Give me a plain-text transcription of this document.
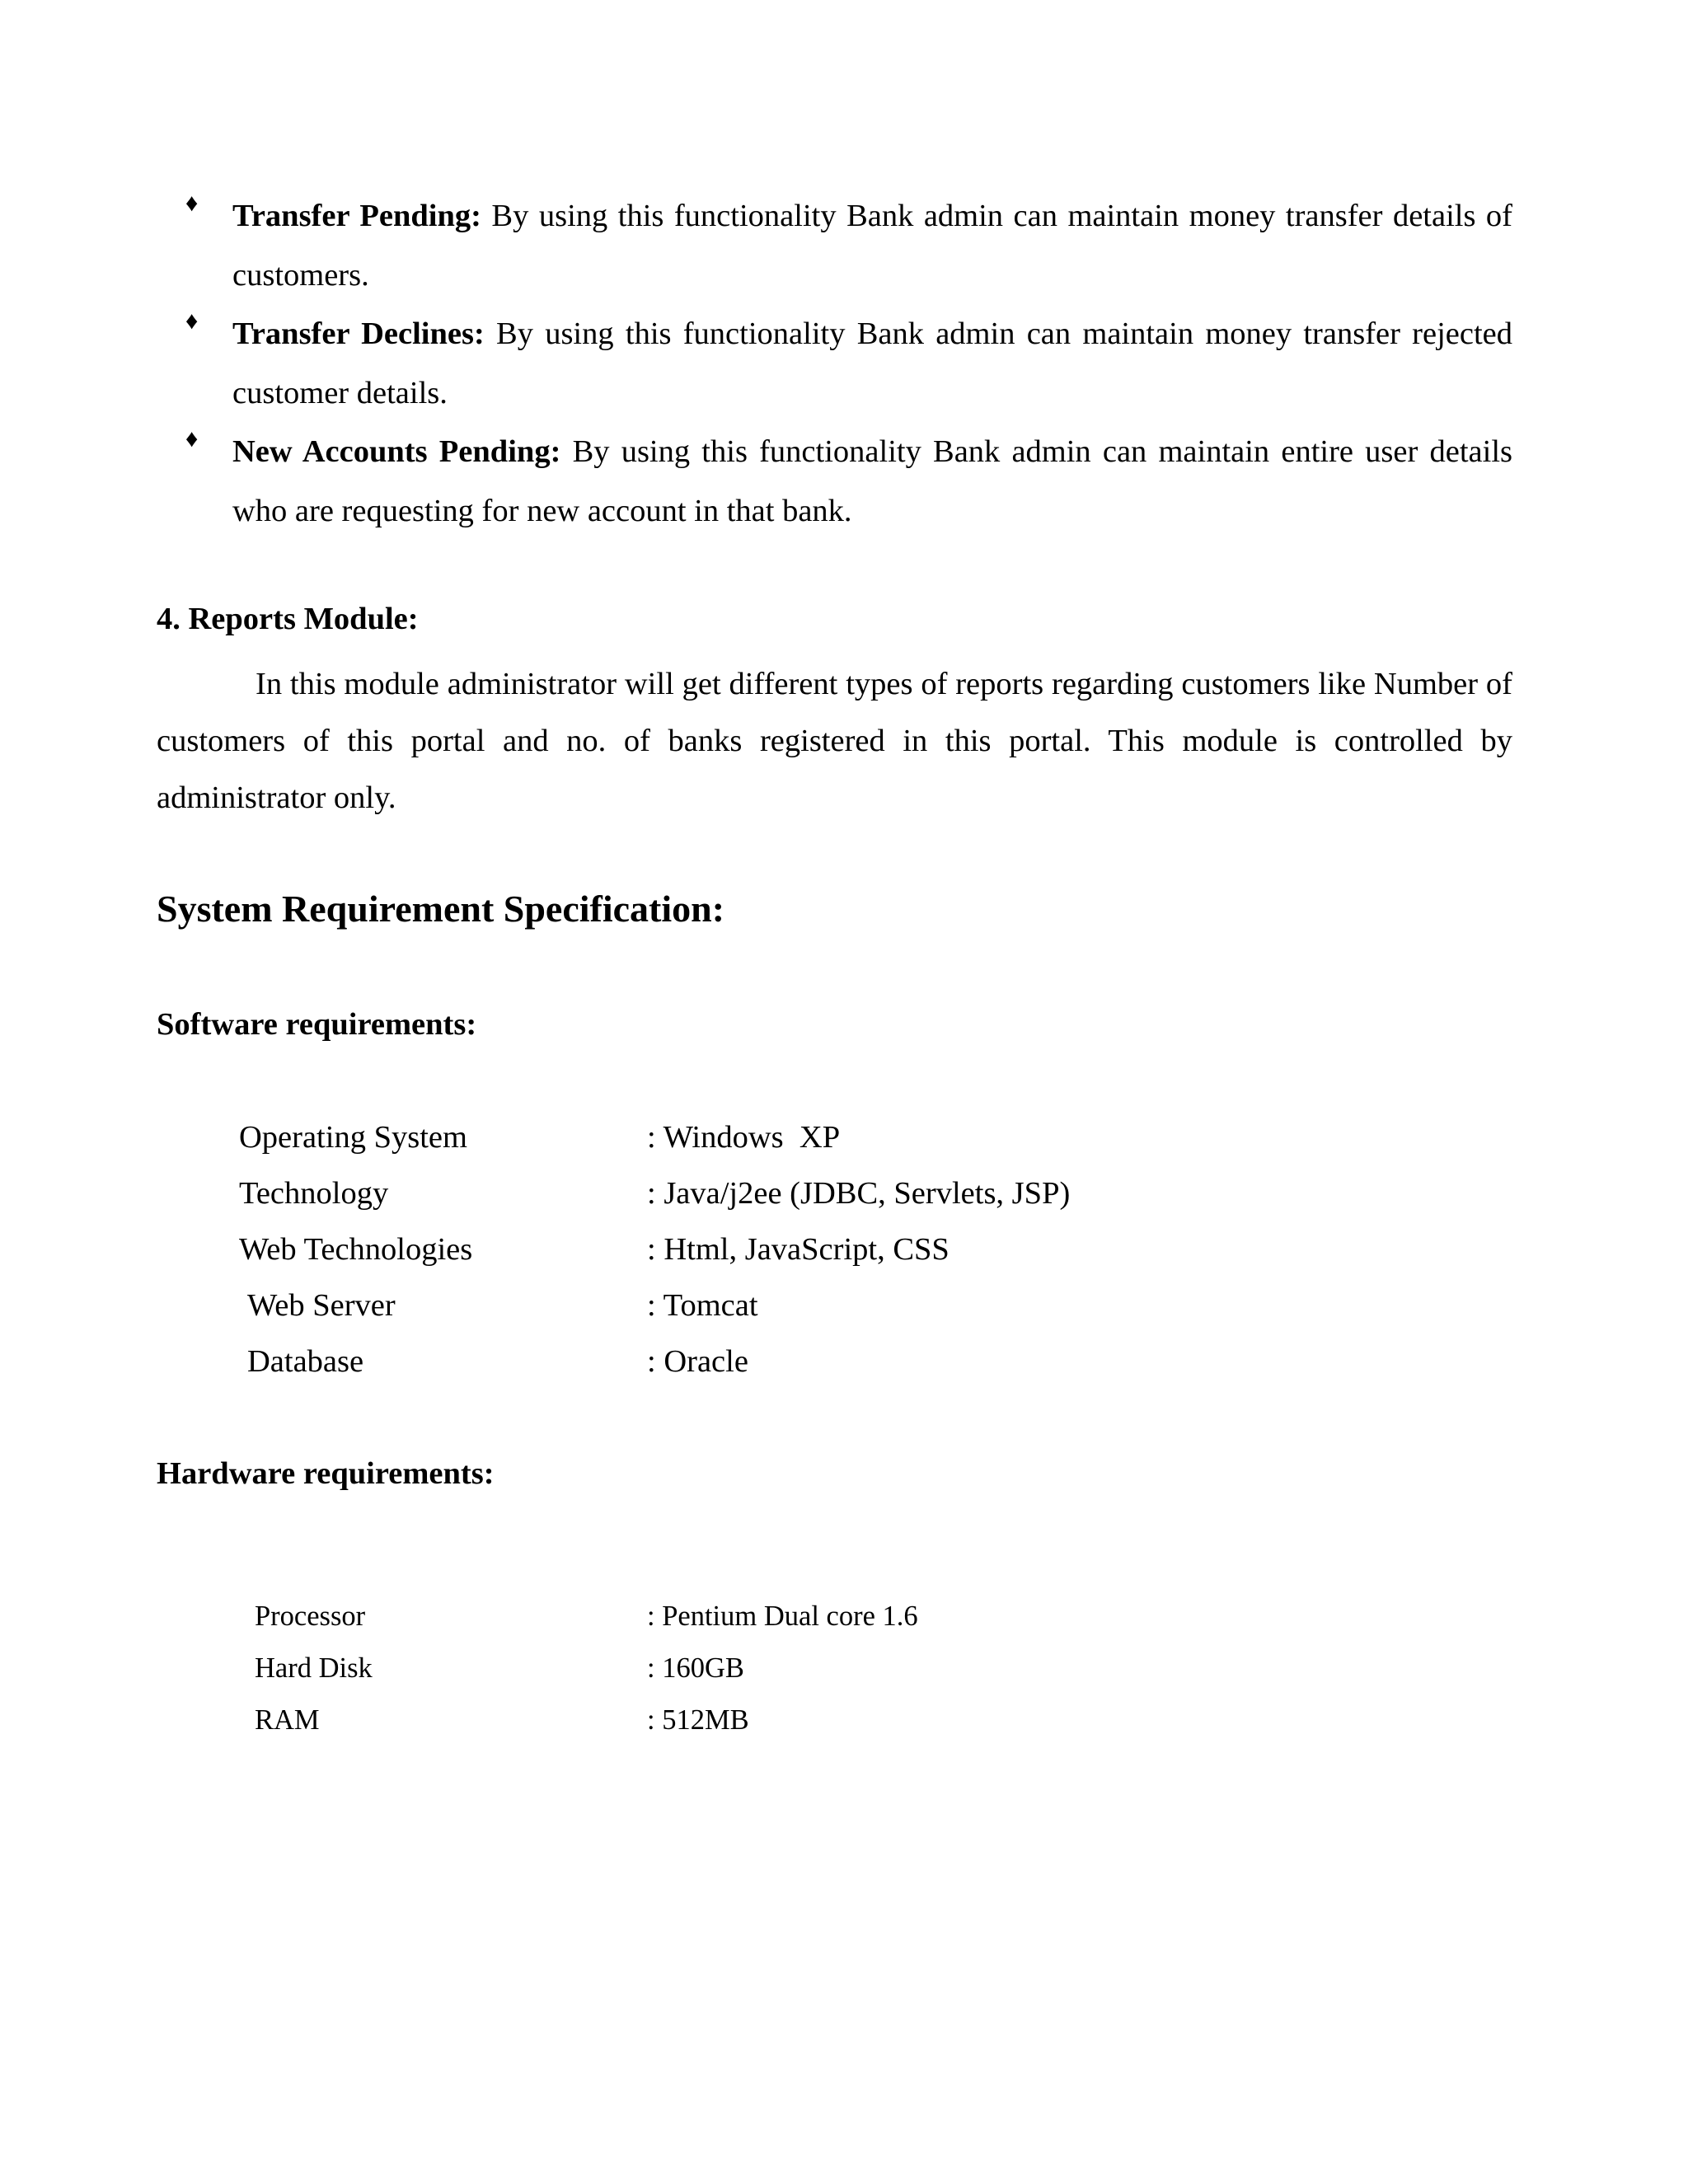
♦ Transfer Pending: By using this functionality Bank admin can maintain money transfer details of customers.
♦ Transfer Declines: By using this functionality Bank admin can maintain money transfer rejected customer details.
♦ New Accounts Pending: By using this functionality Bank admin can maintain entire user details who are requesting for new account in that bank.
4. Reports Module:

In this module administrator will get different types of reports regarding customers like Number of customers of this portal and no. of banks registered in this portal. This module is controlled by administrator only.

System Requirement Specification:
Software requirements:
Operating System	: Windows  XP
Technology	: Java/j2ee (JDBC, Servlets, JSP)
Web Technologies	: Html, JavaScript, CSS
Web Server	: Tomcat
Database	: Oracle
Hardware requirements:
Processor	: Pentium Dual core 1.6
Hard Disk	: 160GB
RAM	: 512MB
